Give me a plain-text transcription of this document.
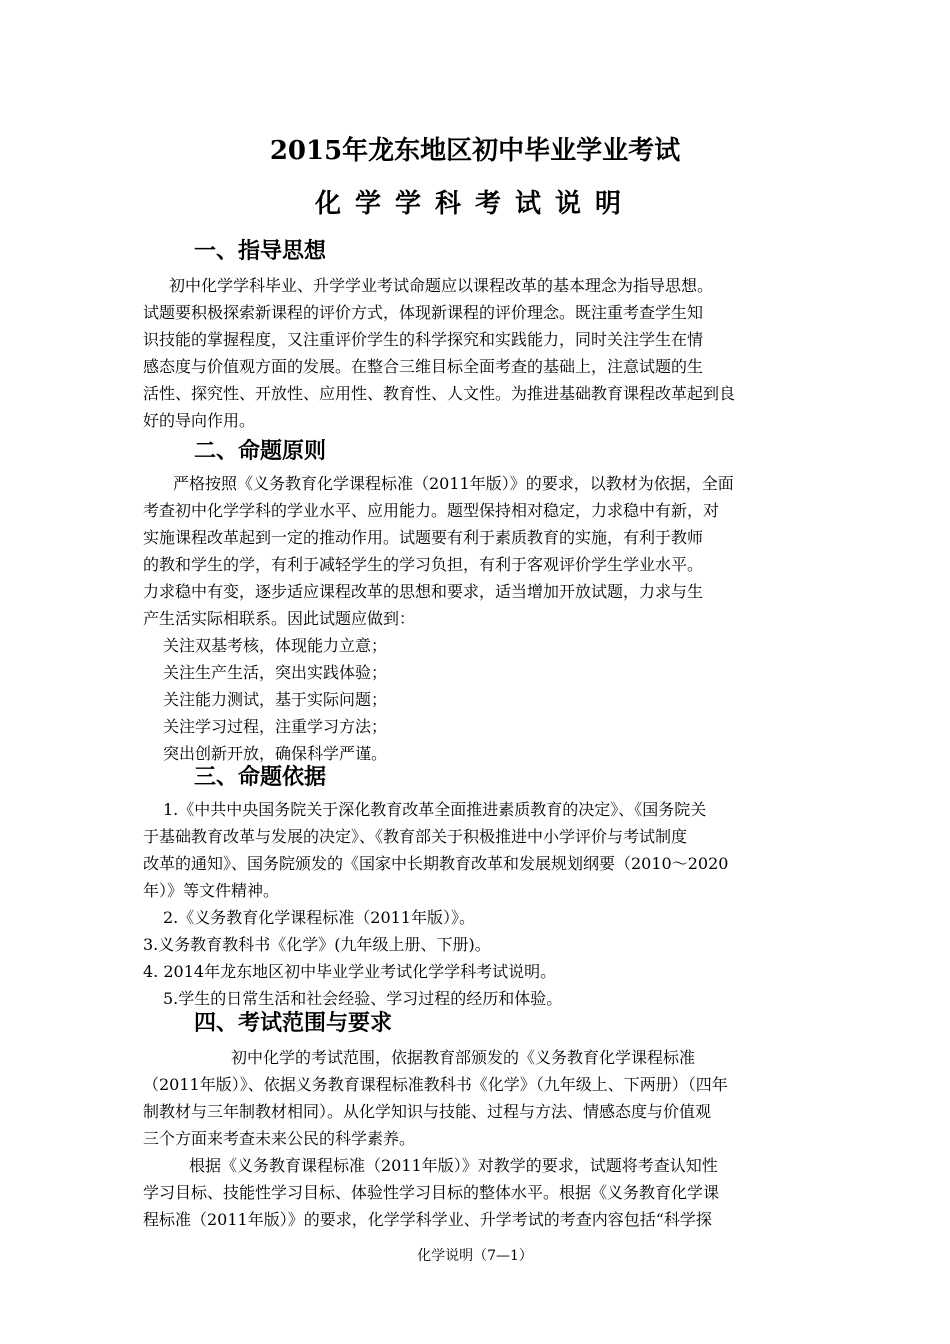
2015年龙东地区初中毕业学业考试
化学学科考试说明
一、指导思想
初中化学学科毕业、升学学业考试命题应以课程改革的基本理念为指导思想。
试题要积极探索新课程的评价方式，体现新课程的评价理念。既注重考查学生知
识技能的掌握程度，又注重评价学生的科学探究和实践能力，同时关注学生在情
感态度与价值观方面的发展。在整合三维目标全面考查的基础上，注意试题的生
活性、探究性、开放性、应用性、教育性、人文性。为推进基础教育课程改革起到良
好的导向作用。
二、命题原则
严格按照《义务教育化学课程标准（2011年版）》的要求，以教材为依据，全面
考查初中化学学科的学业水平、应用能力。题型保持相对稳定，力求稳中有新，对
实施课程改革起到一定的推动作用。试题要有利于素质教育的实施，有利于教师
的教和学生的学，有利于减轻学生的学习负担，有利于客观评价学生学业水平。
力求稳中有变，逐步适应课程改革的思想和要求，适当增加开放试题，力求与生
产生活实际相联系。因此试题应做到：
关注双基考核，体现能力立意；
关注生产生活，突出实践体验；
关注能力测试，基于实际问题；
关注学习过程，注重学习方法；
突出创新开放，确保科学严谨。
三、命题依据
1.《中共中央国务院关于深化教育改革全面推进素质教育的决定》、《国务院关
于基础教育改革与发展的决定》、《教育部关于积极推进中小学评价与考试制度
改革的通知》、国务院颁发的《国家中长期教育改革和发展规划纲要（2010～2020
年）》等文件精神。
2.《义务教育化学课程标准（2011年版）》。
3.义务教育教科书《化学》(九年级上册、下册)。
4. 2014年龙东地区初中毕业学业考试化学学科考试说明。
5.学生的日常生活和社会经验、学习过程的经历和体验。
四、考试范围与要求
初中化学的考试范围，依据教育部颁发的《义务教育化学课程标准
（2011年版）》、依据义务教育课程标准教科书《化学》（九年级上、下两册）（四年
制教材与三年制教材相同）。从化学知识与技能、过程与方法、情感态度与价值观
三个方面来考查未来公民的科学素养。
根据《义务教育课程标准（2011年版）》对教学的要求，试题将考查认知性
学习目标、技能性学习目标、体验性学习目标的整体水平。根据《义务教育化学课
程标准（2011年版）》的要求，化学学科学业、升学考试的考查内容包括“科学探
化学说明（7—1）
